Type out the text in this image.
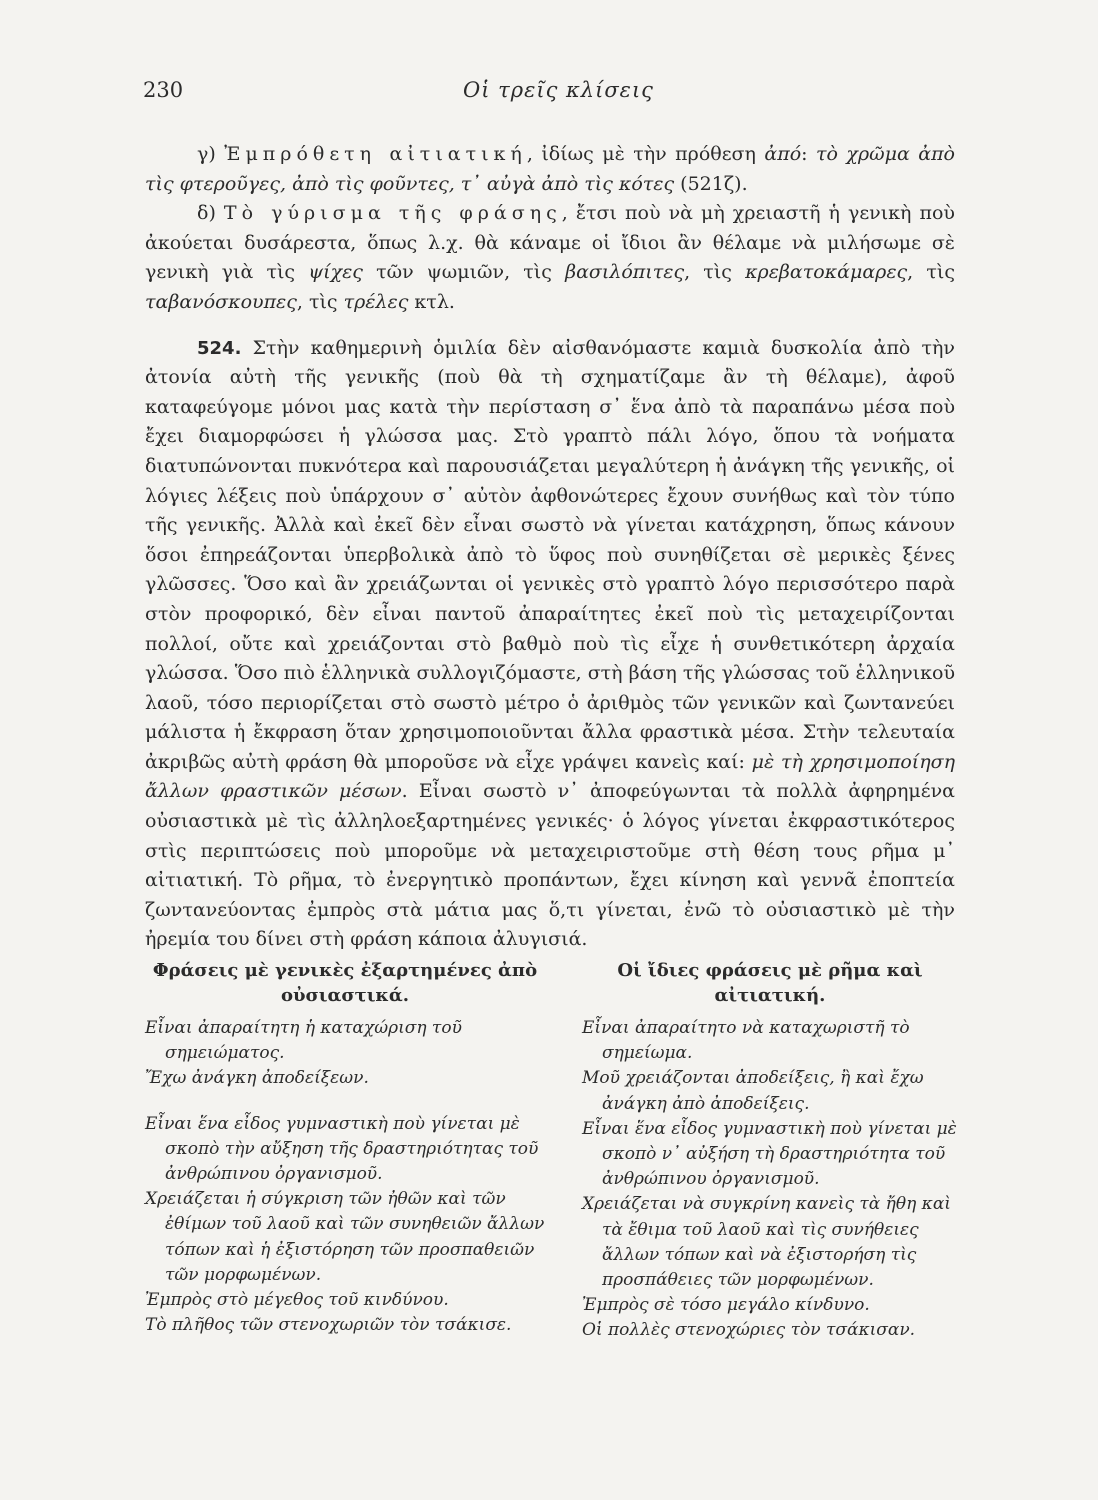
230	Οἱ τρεῖς κλίσεις

γ) Ἐμπρόθετη αἰτιατική, ἰδίως μὲ τὴν πρόθεση ἀπό: τὸ χρῶμα ἀπὸ τὶς φτεροῦγες, ἀπὸ τὶς φοῦντες, τ᾽ αὐγὰ ἀπὸ τὶς κότες (521ζ).

δ) Τὸ γύρισμα τῆς φράσης, ἔτσι ποὺ νὰ μὴ χρειαστῆ ἡ γενικὴ ποὺ ἀκούεται δυσάρεστα, ὅπως λ.χ. θὰ κάναμε οἱ ἴδιοι ἂν θέλαμε νὰ μιλήσωμε σὲ γενικὴ γιὰ τὶς ψίχες τῶν ψωμιῶν, τὶς βασιλόπιτες, τὶς κρεβατοκάμαρες, τὶς ταβανόσκουπες, τὶς τρέλες κτλ.

524. Στὴν καθημερινὴ ὁμιλία δὲν αἰσθανόμαστε καμιὰ δυσκολία ἀπὸ τὴν ἀτονία αὐτὴ τῆς γενικῆς (ποὺ θὰ τὴ σχηματίζαμε ἂν τὴ θέλαμε), ἀφοῦ καταφεύγομε μόνοι μας κατὰ τὴν περίσταση σ᾽ ἕνα ἀπὸ τὰ παραπάνω μέσα ποὺ ἔχει διαμορφώσει ἡ γλώσσα μας. Στὸ γραπτὸ πάλι λόγο, ὅπου τὰ νοήματα διατυπώνονται πυκνότερα καὶ παρουσιάζεται μεγαλύτερη ἡ ἀνάγκη τῆς γενικῆς, οἱ λόγιες λέξεις ποὺ ὑπάρχουν σ᾽ αὐτὸν ἀφθονώτερες ἔχουν συνήθως καὶ τὸν τύπο τῆς γενικῆς. Ἀλλὰ καὶ ἐκεῖ δὲν εἶναι σωστὸ νὰ γίνεται κατάχρηση, ὅπως κάνουν ὅσοι ἐπηρεάζονται ὑπερβολικὰ ἀπὸ τὸ ὕφος ποὺ συνηθίζεται σὲ μερικὲς ξένες γλῶσσες. Ὅσο καὶ ἂν χρειάζωνται οἱ γενικὲς στὸ γραπτὸ λόγο περισσότερο παρὰ στὸν προφορικό, δὲν εἶναι παντοῦ ἀπαραίτητες ἐκεῖ ποὺ τὶς μεταχειρίζονται πολλοί, οὔτε καὶ χρειάζονται στὸ βαθμὸ ποὺ τὶς εἶχε ἡ συνθετικότερη ἀρχαία γλώσσα. Ὅσο πιὸ ἑλληνικὰ συλλογιζόμαστε, στὴ βάση τῆς γλώσσας τοῦ ἑλληνικοῦ λαοῦ, τόσο περιορίζεται στὸ σωστὸ μέτρο ὁ ἀριθμὸς τῶν γενικῶν καὶ ζωντανεύει μάλιστα ἡ ἔκφραση ὅταν χρησιμοποιοῦνται ἄλλα φραστικὰ μέσα. Στὴν τελευταία ἀκριβῶς αὐτὴ φράση θὰ μποροῦσε νὰ εἶχε γράψει κανεὶς καί: μὲ τὴ χρησιμοποίηση ἄλλων φραστικῶν μέσων. Εἶναι σωστὸ ν᾽ ἀποφεύγωνται τὰ πολλὰ ἀφηρημένα οὐσιαστικὰ μὲ τὶς ἀλληλοεξαρτημένες γενικές· ὁ λόγος γίνεται ἐκφραστικότερος στὶς περιπτώσεις ποὺ μποροῦμε νὰ μεταχειριστοῦμε στὴ θέση τους ρῆμα μ᾽ αἰτιατική. Τὸ ρῆμα, τὸ ἐνεργητικὸ προπάντων, ἔχει κίνηση καὶ γεννᾶ ἐποπτεία ζωντανεύοντας ἐμπρὸς στὰ μάτια μας ὅ,τι γίνεται, ἐνῶ τὸ οὐσιαστικὸ μὲ τὴν ἠρεμία του δίνει στὴ φράση κάποια ἀλυγισιά.

Φράσεις μὲ γενικὲς ἐξαρτημένες ἀπὸ οὐσιαστικά.
Εἶναι ἀπαραίτητη ἡ καταχώριση τοῦ σημειώματος.
Ἔχω ἀνάγκη ἀποδείξεων.
Εἶναι ἕνα εἶδος γυμναστικὴ ποὺ γίνεται μὲ σκοπὸ τὴν αὔξηση τῆς δραστηριότητας τοῦ ἀνθρώπινου ὀργανισμοῦ.
Χρειάζεται ἡ σύγκριση τῶν ἠθῶν καὶ τῶν ἐθίμων τοῦ λαοῦ καὶ τῶν συνηθειῶν ἄλλων τόπων καὶ ἡ ἐξιστόρηση τῶν προσπαθειῶν τῶν μορφωμένων.
Ἐμπρὸς στὸ μέγεθος τοῦ κινδύνου.
Τὸ πλῆθος τῶν στενοχωριῶν τὸν τσάκισε.
Οἱ ἴδιες φράσεις μὲ ρῆμα καὶ αἰτιατική.
Εἶναι ἀπαραίτητο νὰ καταχωριστῆ τὸ σημείωμα.
Μοῦ χρειάζονται ἀποδείξεις, ἢ καὶ ἔχω ἀνάγκη ἀπὸ ἀποδείξεις.
Εἶναι ἕνα εἶδος γυμναστικὴ ποὺ γίνεται μὲ σκοπὸ ν᾽ αὐξήση τὴ δραστηριότητα τοῦ ἀνθρώπινου ὀργανισμοῦ.
Χρειάζεται νὰ συγκρίνη κανεὶς τὰ ἤθη καὶ τὰ ἔθιμα τοῦ λαοῦ καὶ τὶς συνήθειες ἄλλων τόπων καὶ νὰ ἐξιστορήση τὶς προσπάθειες τῶν μορφωμένων.
Ἐμπρὸς σὲ τόσο μεγάλο κίνδυνο.
Οἱ πολλὲς στενοχώριες τὸν τσάκισαν.
